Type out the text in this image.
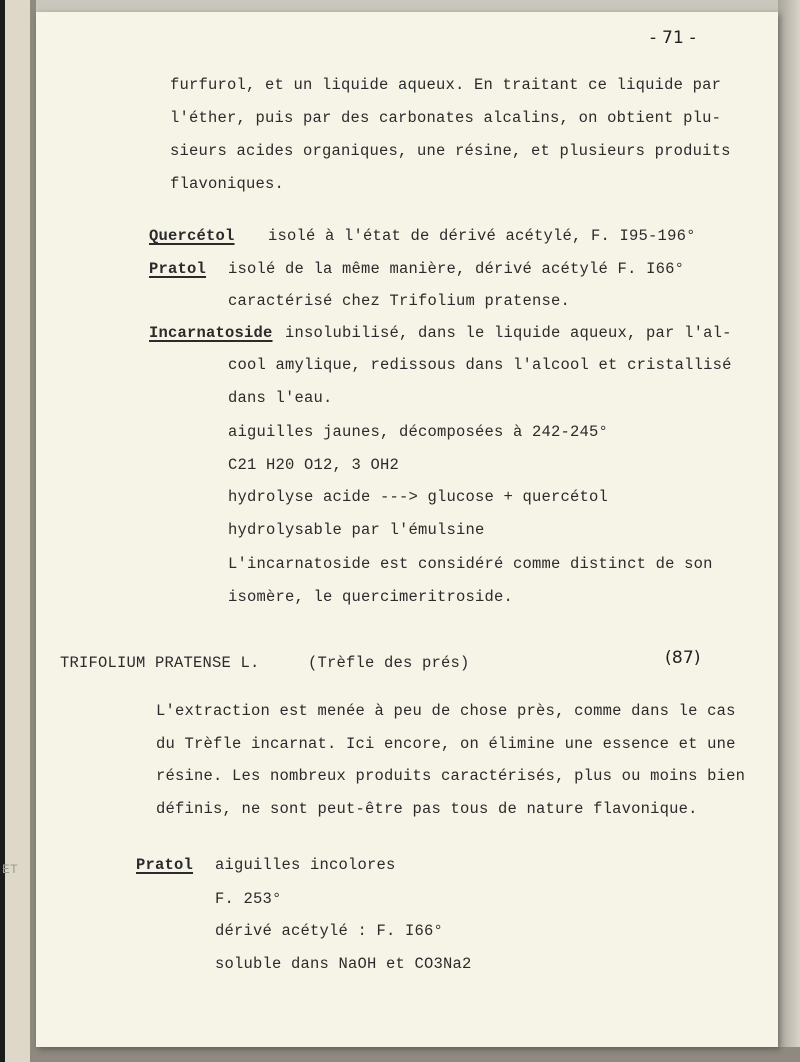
- 71 -
furfurol, et un liquide aqueux. En traitant ce liquide par
l'éther, puis par des carbonates alcalins, on obtient plu-
sieurs acides organiques, une résine, et plusieurs produits
flavoniques.
Quercétol isolé à l'état de dérivé acétylé, F. I95-196°
Pratol isolé de la même manière, dérivé acétylé F. I66°
caractérisé chez Trifolium pratense.
Incarnatoside insolubilisé, dans le liquide aqueux, par l'al-
cool amylique, redissous dans l'alcool et cristallisé
dans l'eau.
aiguilles jaunes, décomposées à 242-245°
C21 H20 O12, 3 OH2
hydrolyse acide ---> glucose + quercétol
hydrolysable par l'émulsine
L'incarnatoside est considéré comme distinct de son
isomère, le quercimeritroside.
TRIFOLIUM PRATENSE L.	(Trèfle des prés)	(87)
L'extraction est menée à peu de chose près, comme dans le cas
du Trèfle incarnat. Ici encore, on élimine une essence et une
résine. Les nombreux produits caractérisés, plus ou moins bien
définis, ne sont peut-être pas tous de nature flavonique.
ET	Pratol aiguilles incolores
F. 253°
dérivé acétylé : F. I66°
soluble dans NaOH et CO3Na2
